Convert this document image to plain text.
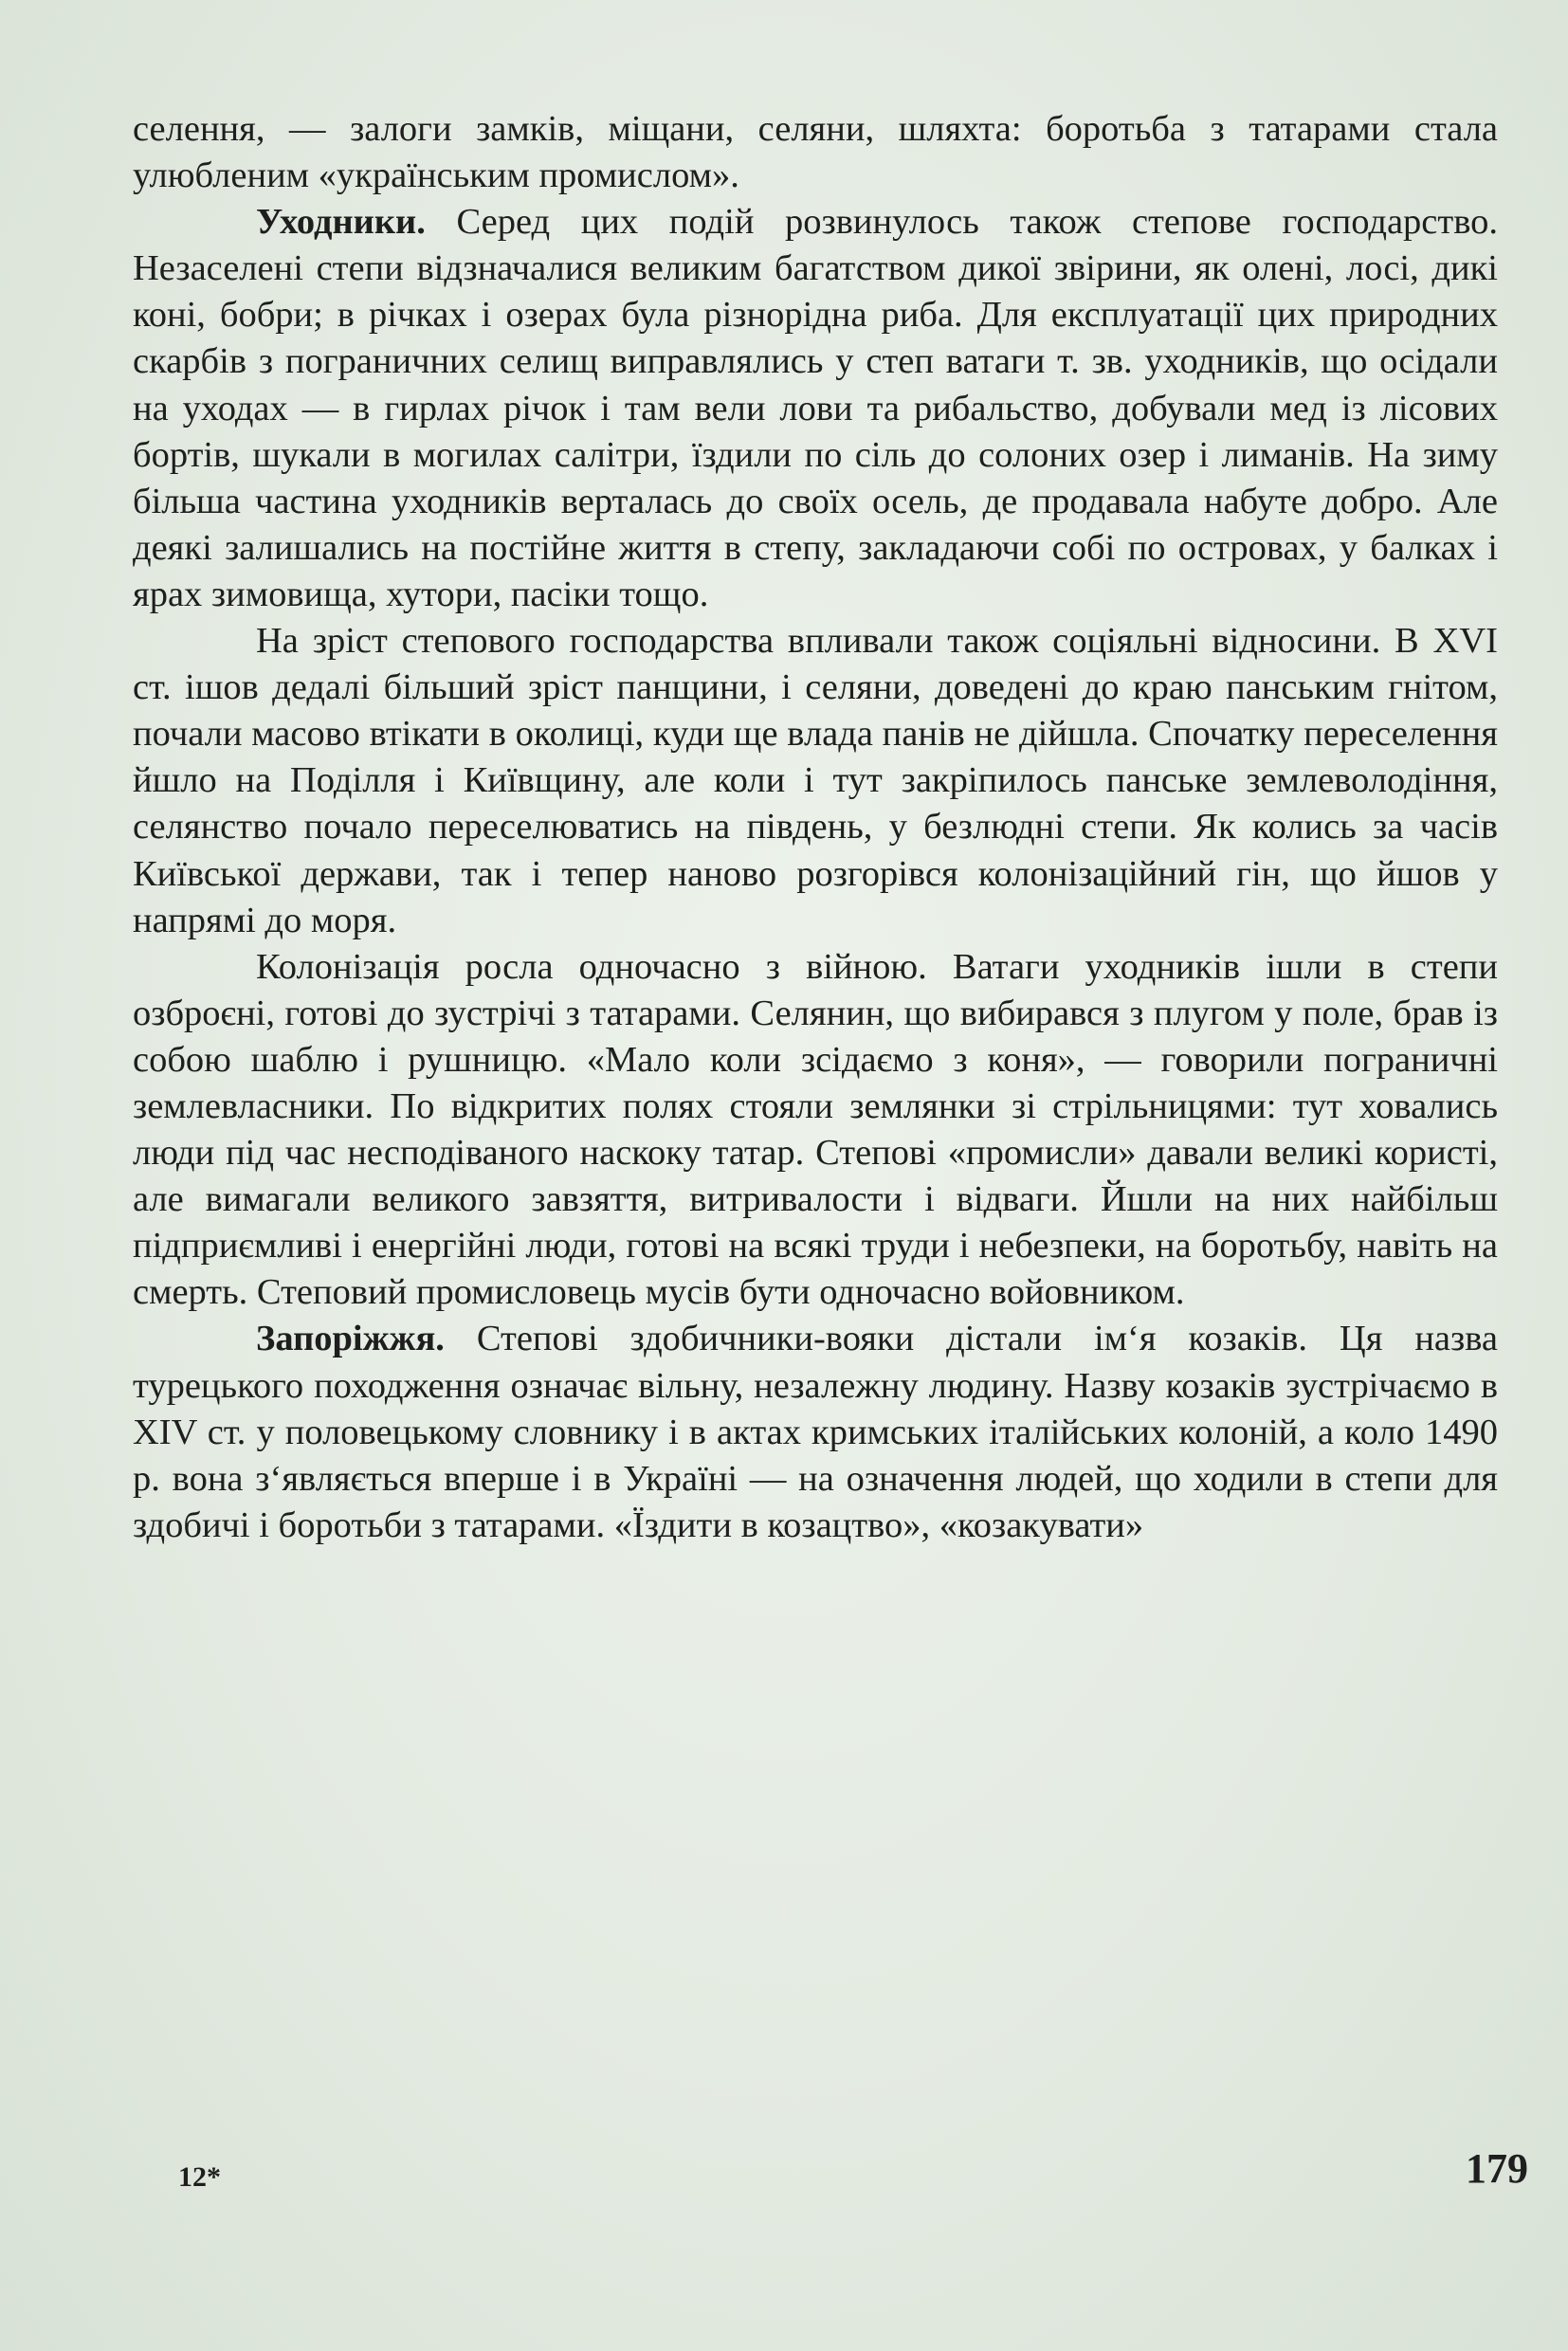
селення, — залоги замків, міщани, селяни, шляхта: боротьба з татарами стала улюбленим «українським промислом».

Уходники. Серед цих подій розвинулось також степове господарство. Незаселені степи відзначалися великим багатством дикої звірини, як олені, лосі, дикі коні, бобри; в річках і озерах була різнорідна риба. Для експлуатації цих природних скарбів з пограничних селищ виправлялись у степ ватаги т. зв. уходників, що осідали на уходах — в гирлах річок і там вели лови та рибальство, добували мед із лісових бортів, шукали в могилах салітри, їздили по сіль до солоних озер і лиманів. На зиму більша частина уходників верталась до своїх осель, де продавала набуте добро. Але деякі залишались на постійне життя в степу, закладаючи собі по островах, у балках і ярах зимовища, хутори, пасіки тощо.

На зріст степового господарства впливали також соціяльні відносини. В XVI ст. ішов дедалі більший зріст панщини, і селяни, доведені до краю панським гнітом, почали масово втікати в околиці, куди ще влада панів не дійшла. Спочатку переселення йшло на Поділля і Київщину, але коли і тут закріпилось панське землеволодіння, селянство почало переселюватись на південь, у безлюдні степи. Як колись за часів Київської держави, так і тепер наново розгорівся колонізаційний гін, що йшов у напрямі до моря.

Колонізація росла одночасно з війною. Ватаги уходників ішли в степи озброєні, готові до зустрічі з татарами. Селянин, що вибирався з плугом у поле, брав із собою шаблю і рушницю. «Мало коли зсідаємо з коня», — говорили пограничні землевласники. По відкритих полях стояли землянки зі стрільницями: тут ховались люди під час несподіваного наскоку татар. Степові «промисли» давали великі користі, але вимагали великого завзяття, витривалости і відваги. Йшли на них найбільш підприємливі і енергійні люди, готові на всякі труди і небезпеки, на боротьбу, навіть на смерть. Степовий промисловець мусів бути одночасно войовником.

Запоріжжя. Степові здобичники-вояки дістали ім‘я козаків. Ця назва турецького походження означає вільну, незалежну людину. Назву козаків зустрічаємо в XIV ст. у половецькому словнику і в актах кримських італійських колоній, а коло 1490 р. вона з‘являється вперше і в Україні — на означення людей, що ходили в степи для здобичі і боротьби з татарами. «Їздити в козацтво», «козакувати»

12*	179
